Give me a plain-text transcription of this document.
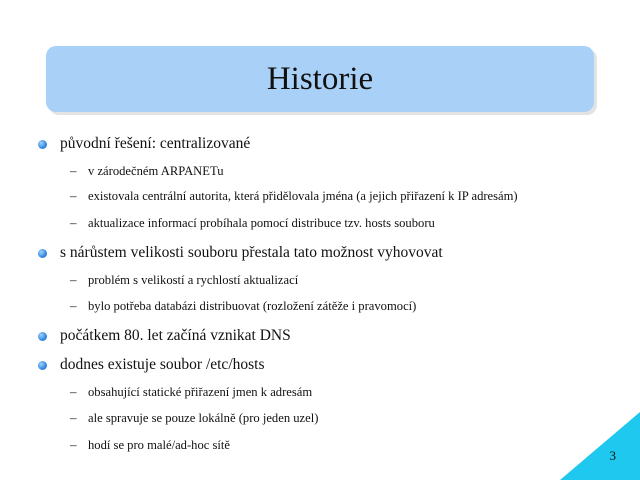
Historie
původní řešení: centralizované
– v zárodečném ARPANETu
– existovala centrální autorita, která přidělovala jména (a jejich přiřazení k IP adresám)
– aktualizace informací probíhala pomocí distribuce tzv. hosts souboru
s nárůstem velikosti souboru přestala tato možnost vyhovovat
– problém s velikostí a rychlostí aktualizací
– bylo potřeba databázi distribuovat (rozložení zátěže i pravomocí)
počátkem 80. let začíná vznikat DNS
dodnes existuje soubor /etc/hosts
– obsahující statické přiřazení jmen k adresám
– ale spravuje se pouze lokálně (pro jeden uzel)
– hodí se pro malé/ad-hoc sítě
3
